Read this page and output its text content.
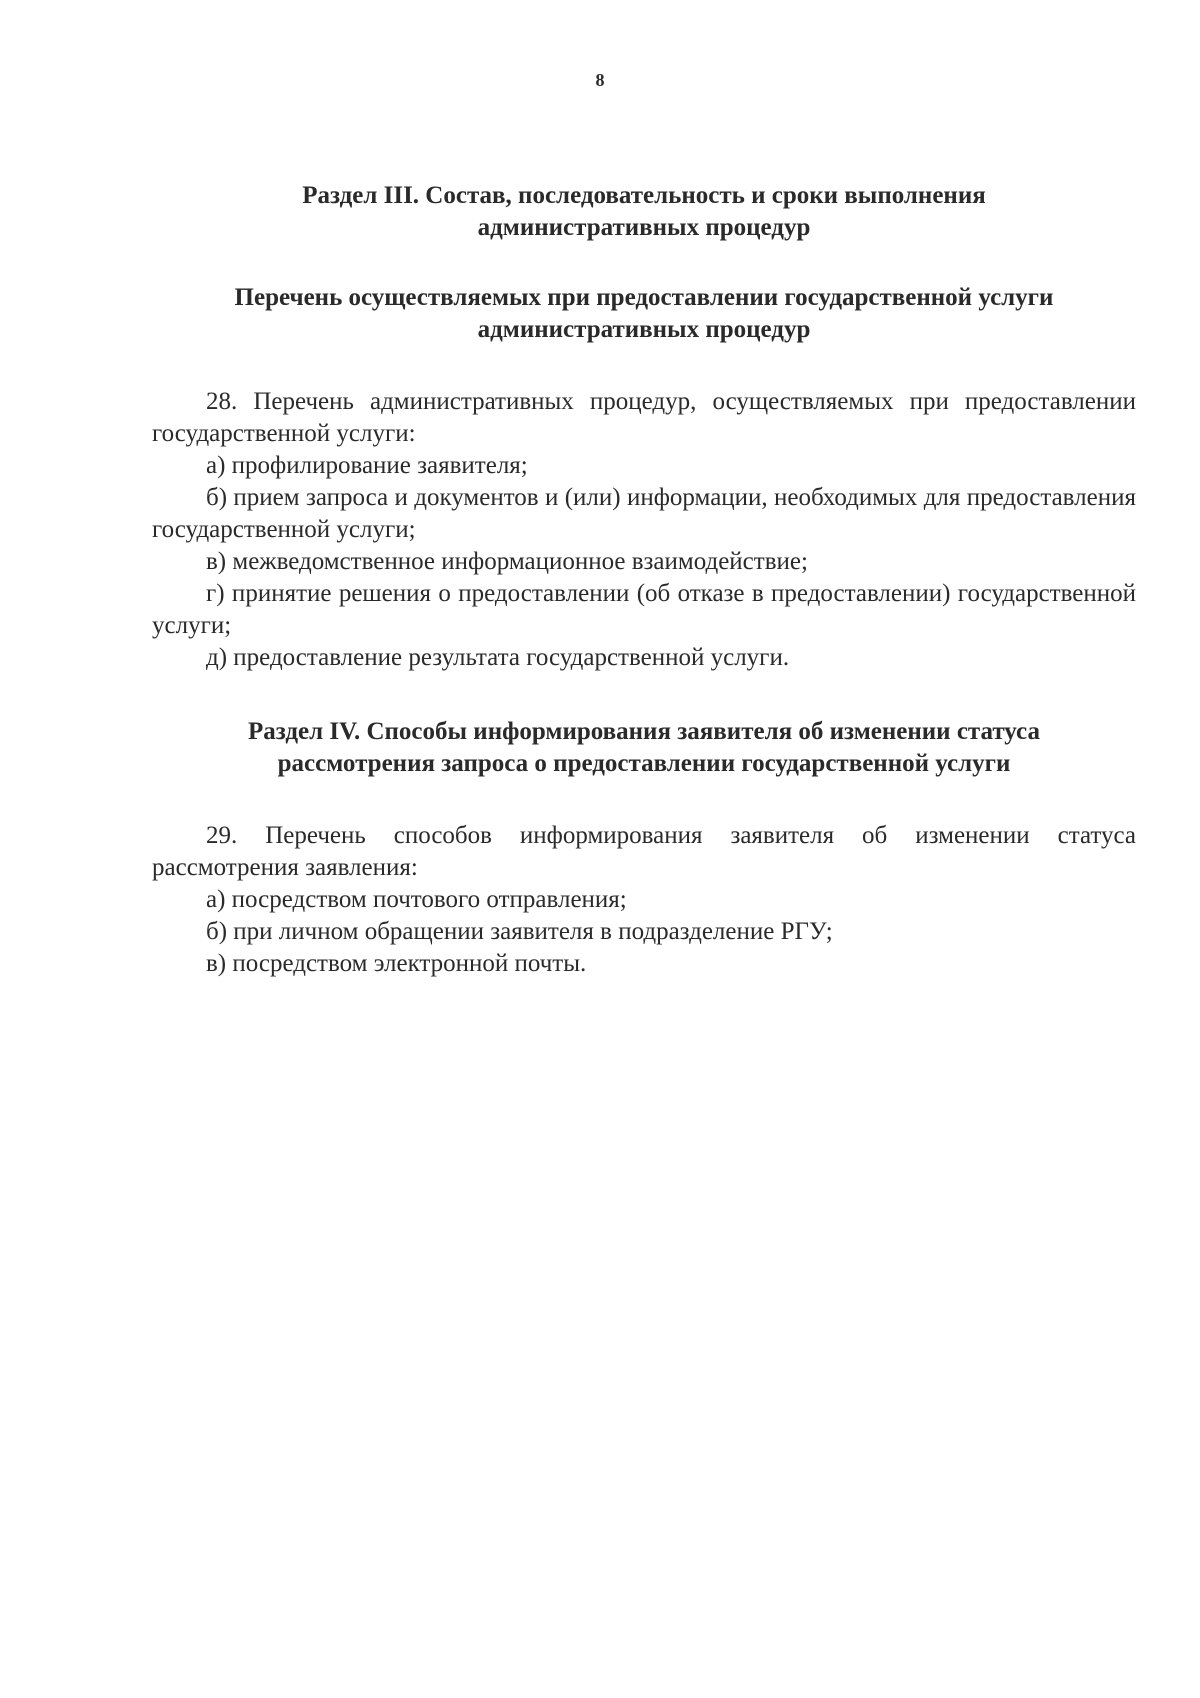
8

Раздел III. Состав, последовательность и сроки выполнения административных процедур

Перечень осуществляемых при предоставлении государственной услуги административных процедур

28. Перечень административных процедур, осуществляемых при предоставлении государственной услуги:

а) профилирование заявителя;

б) прием запроса и документов и (или) информации, необходимых для предоставления государственной услуги;

в) межведомственное информационное взаимодействие;

г) принятие решения о предоставлении (об отказе в предоставлении) государственной услуги;

д) предоставление результата государственной услуги.

Раздел IV. Способы информирования заявителя об изменении статуса рассмотрения запроса о предоставлении государственной услуги

29. Перечень способов информирования заявителя об изменении статуса рассмотрения заявления:

а) посредством почтового отправления;

б) при личном обращении заявителя в подразделение РГУ;

в) посредством электронной почты.
